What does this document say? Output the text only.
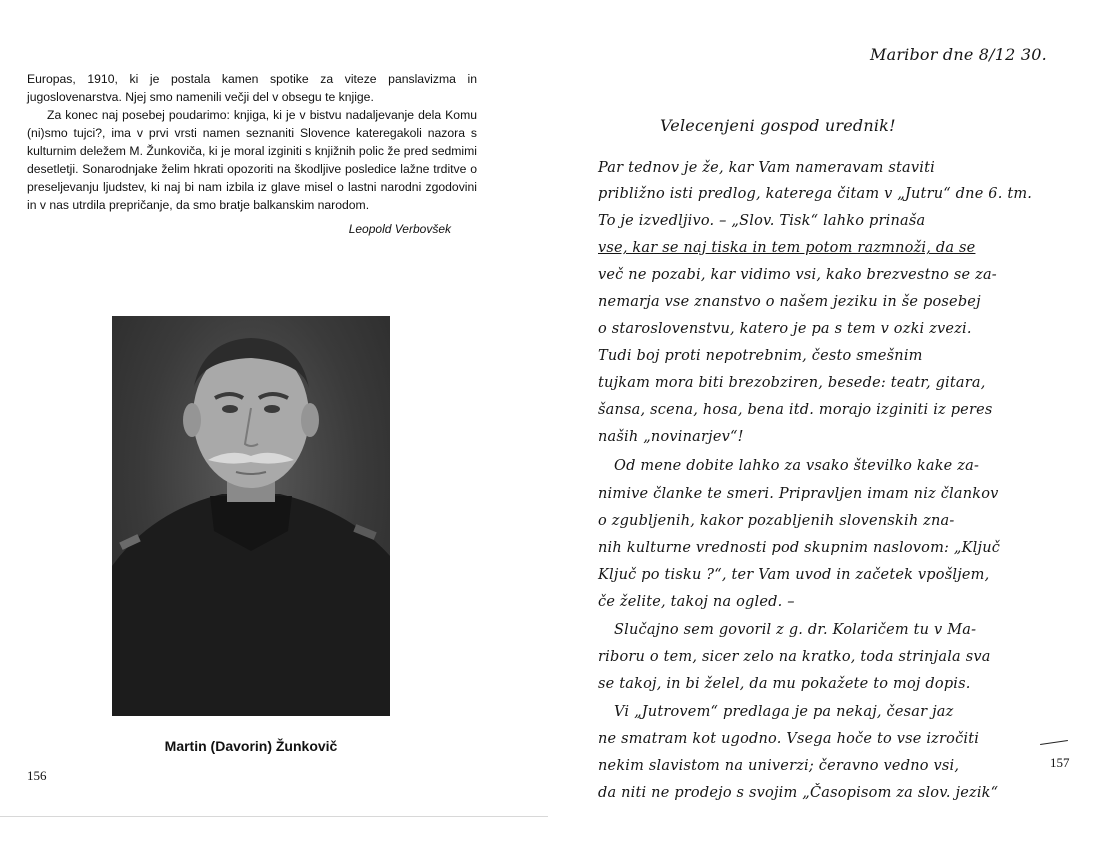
Europas, 1910, ki je postala kamen spotike za viteze panslavizma in jugoslovenarstva. Njej smo namenili večji del v obsegu te knjige.

Za konec naj posebej poudarimo: knjiga, ki je v bistvu nadaljevanje dela Komu (ni)smo tujci?, ima v prvi vrsti namen seznaniti Slovence kateregakoli nazora s kulturnim deležem M. Žunkoviča, ki je moral izginiti s knjižnih polic že pred sedmimi desetletji. Sonarodnjake želim hkrati opozoriti na škodljive posledice lažne trditve o preseljevanju ljudstev, ki naj bi nam izbila iz glave misel o lastni narodni zgodovini in v nas utrdila prepričanje, da smo bratje balkanskim narodom.

Leopold Verbovšek
Martin (Davorin) Žunkovič
156
Maribor dne 8/12 30.
Velecenjeni gospod urednik!
Par tednov je že, kar Vam nameravam staviti
približno isti predlog, katerega čitam v „Jutru“ dne 6. tm.
To je izvedljivo. – „Slov. Tisk“ lahko prinaša
vse, kar se naj tiska in tem potom razmnoži, da se
več ne pozabi, kar vidimo vsi, kako brezvestno se za-
nemarja vse znanstvo o našem jeziku in še posebej
o staroslovenstvu, katero je pa s tem v ozki zvezi.
Tudi boj proti nepotrebnim, često smešnim
tujkam mora biti brezobziren, besede: teatr, gitara,
šansa, scena, hosa, bena itd. morajo izginiti iz peres
naših „novinarjev“!
Od mene dobite lahko za vsako številko kake za-
nimive članke te smeri. Pripravljen imam niz člankov
o zgubljenih, kakor pozabljenih slovenskih zna-
nih kulturne vrednosti pod skupnim naslovom: „Ključ
Ključ po tisku ?“, ter Vam uvod in začetek vpošljem,
če želite, takoj na ogled. –
Slučajno sem govoril z g. dr. Kolaričem tu v Ma-
riboru o tem, sicer zelo na kratko, toda strinjala sva
se takoj, in bi želel, da mu pokažete to moj dopis.
Vi „Jutrovem“ predlaga je pa nekaj, česar jaz
ne smatram kot ugodno. Vsega hoče to vse izročiti
nekim slavistom na univerzi; čeravno vedno vsi,
da niti ne prodejo s svojim „Časopisom za slov. jezik“
157
